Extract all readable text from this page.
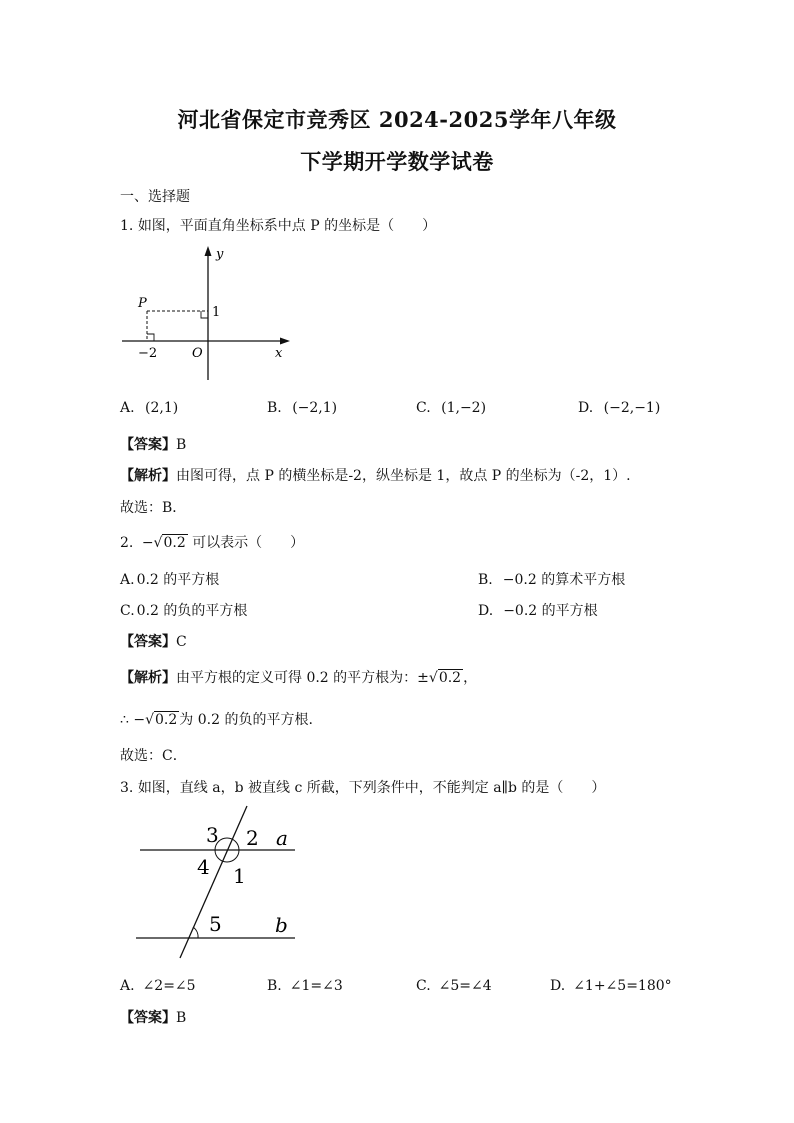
河北省保定市竞秀区 2024-2025学年八年级
下学期开学数学试卷
一、选择题
1. 如图，平面直角坐标系中点 P 的坐标是（　　）
y
x
P
O
1
−2
A. (2,1)	B. (−2,1)	C. (1,−2)	D. (−2,−1)
【答案】B
【解析】由图可得，点 P 的横坐标是-2，纵坐标是 1，故点 P 的坐标为（-2，1）.
故选：B．
2. −√0.2 可以表示（　　）
A. 0.2 的平方根	B. −0.2 的算术平方根
C. 0.2 的负的平方根	D. −0.2 的平方根
【答案】C
【解析】由平方根的定义可得 0.2 的平方根为：±√0.2 ，
∴ −√0.2 为 0.2 的负的平方根.
故选：C．
3. 如图，直线 a，b 被直线 c 所截，下列条件中，不能判定 a∥b 的是（　　）
3 2 a
4 1
5	b
A. ∠2=∠5	B. ∠1=∠3	C. ∠5=∠4	D. ∠1+∠5=180°
【答案】B
